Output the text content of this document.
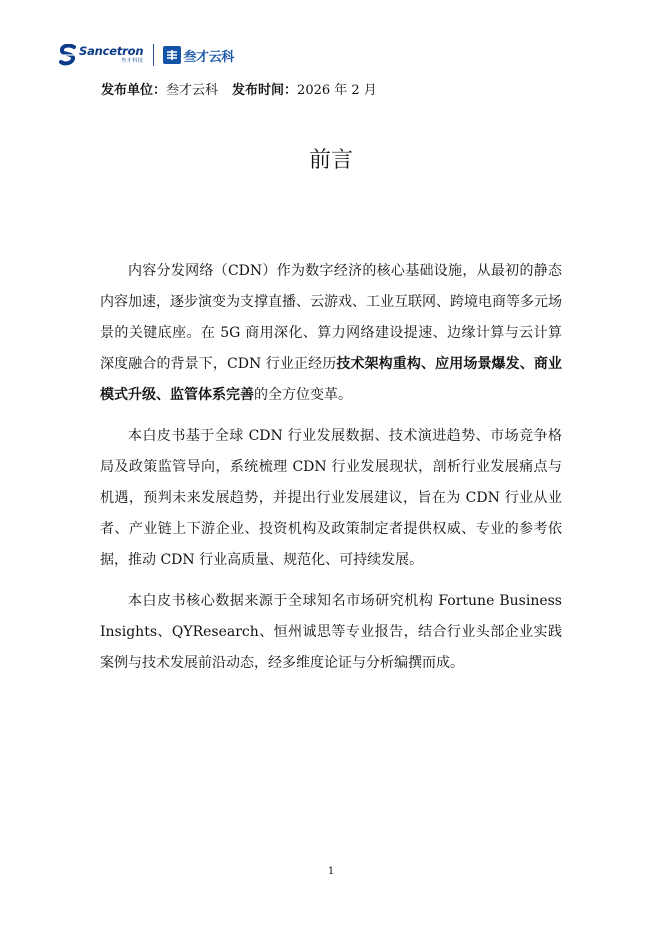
Sancetron
叁才科技	叁才云科
发布单位：叁才云科 发布时间：2026 年 2 月
前言

内容分发网络（CDN）作为数字经济的核心基础设施，从最初的静态内容加速，逐步演变为支撑直播、云游戏、工业互联网、跨境电商等多元场景的关键底座。在 5G 商用深化、算力网络建设提速、边缘计算与云计算深度融合的背景下，CDN 行业正经历技术架构重构、应用场景爆发、商业模式升级、监管体系完善的全方位变革。

本白皮书基于全球 CDN 行业发展数据、技术演进趋势、市场竞争格局及政策监管导向，系统梳理 CDN 行业发展现状，剖析行业发展痛点与机遇，预判未来发展趋势，并提出行业发展建议，旨在为 CDN 行业从业者、产业链上下游企业、投资机构及政策制定者提供权威、专业的参考依据，推动 CDN 行业高质量、规范化、可持续发展。

本白皮书核心数据来源于全球知名市场研究机构 Fortune Business Insights、QYResearch、恒州诚思等专业报告，结合行业头部企业实践案例与技术发展前沿动态，经多维度论证与分析编撰而成。

1
